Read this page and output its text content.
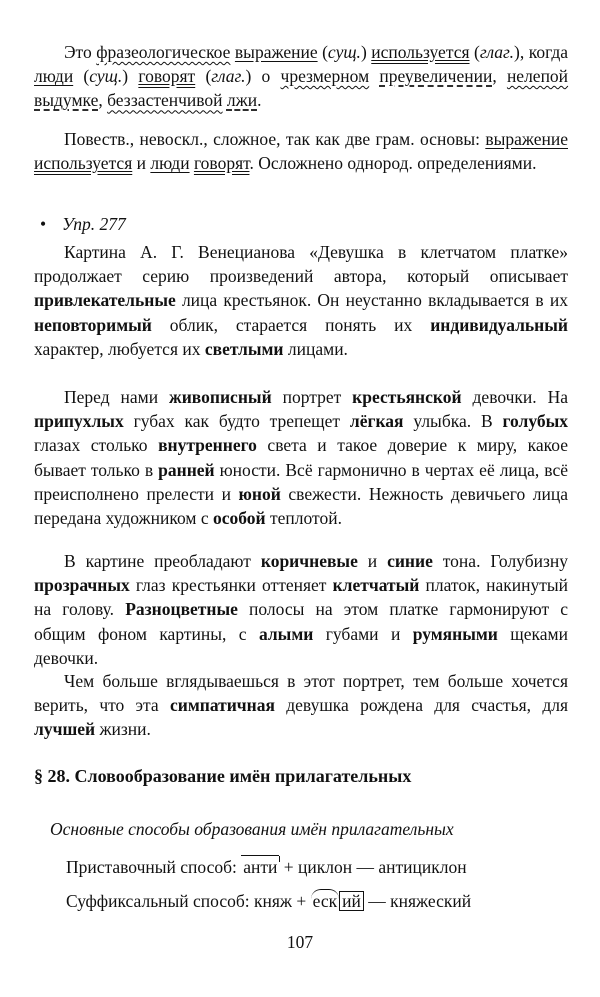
Это фразеологическое выражение (сущ.) используется (глаг.), когда люди (сущ.) говорят (глаг.) о чрезмерном преувеличении, нелепой выдумке, беззастенчивой лжи.

Повеств., невоскл., сложное, так как две грам. основы: выражение используется и люди говорят. Осложнено однород. определениями.

• Упр. 277

Картина А. Г. Венецианова «Девушка в клетчатом платке» продолжает серию произведений автора, который описывает привлекательные лица крестьянок. Он неустанно вкладывается в их неповторимый облик, старается понять их индивидуальный характер, любуется их светлыми лицами.

Перед нами живописный портрет крестьянской девочки. На припухлых губах как будто трепещет лёгкая улыбка. В голубых глазах столько внутреннего света и такое доверие к миру, какое бывает только в ранней юности. Всё гармонично в чертах её лица, всё преисполнено прелести и юной свежести. Нежность девичьего лица передана художником с особой теплотой.

В картине преобладают коричневые и синие тона. Голубизну прозрачных глаз крестьянки оттеняет клетчатый платок, накинутый на голову. Разноцветные полосы на этом платке гармонируют с общим фоном картины, с алыми губами и румяными щеками девочки.

Чем больше вглядываешься в этот портрет, тем больше хочется верить, что эта симпатичная девушка рождена для счастья, для лучшей жизни.

§ 28. Словообразование имён прилагательных
Основные способы образования имён прилагательных
Приставочный способ: анти + циклон — антициклон
Суффиксальный способ: княж + еск ий — княжеский
107
